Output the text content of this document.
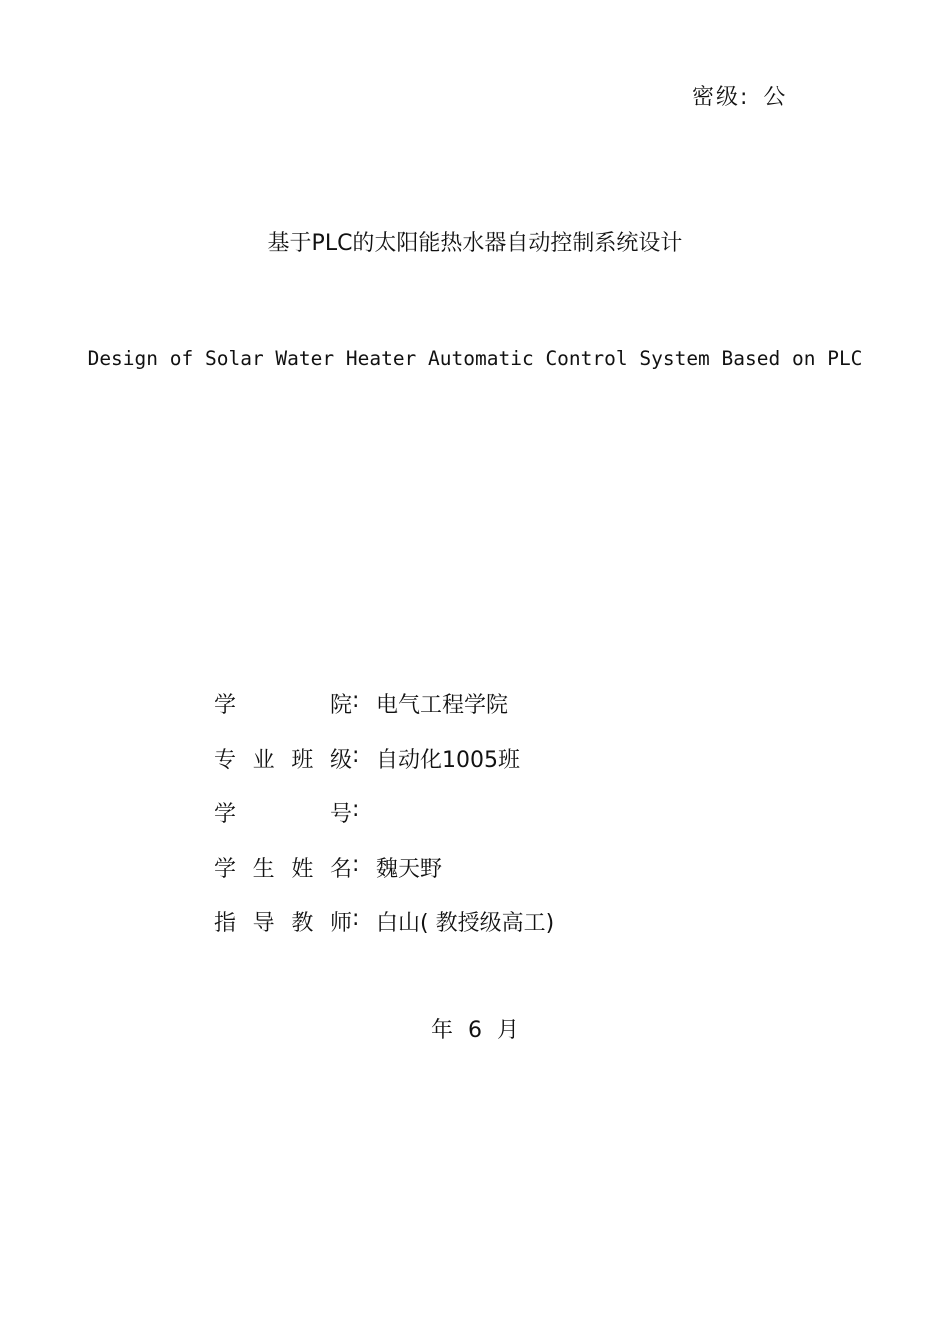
密级: 公
基于PLC的太阳能热水器自动控制系统设计
Design of Solar Water Heater Automatic Control System Based on PLC
学	院 : 电气工程学院
专 业 班 级 : 自动化1005班
学	号 :
学 生 姓 名 : 魏天野
指 导 教 师 : 白山( 教授级高工)
年 6 月
